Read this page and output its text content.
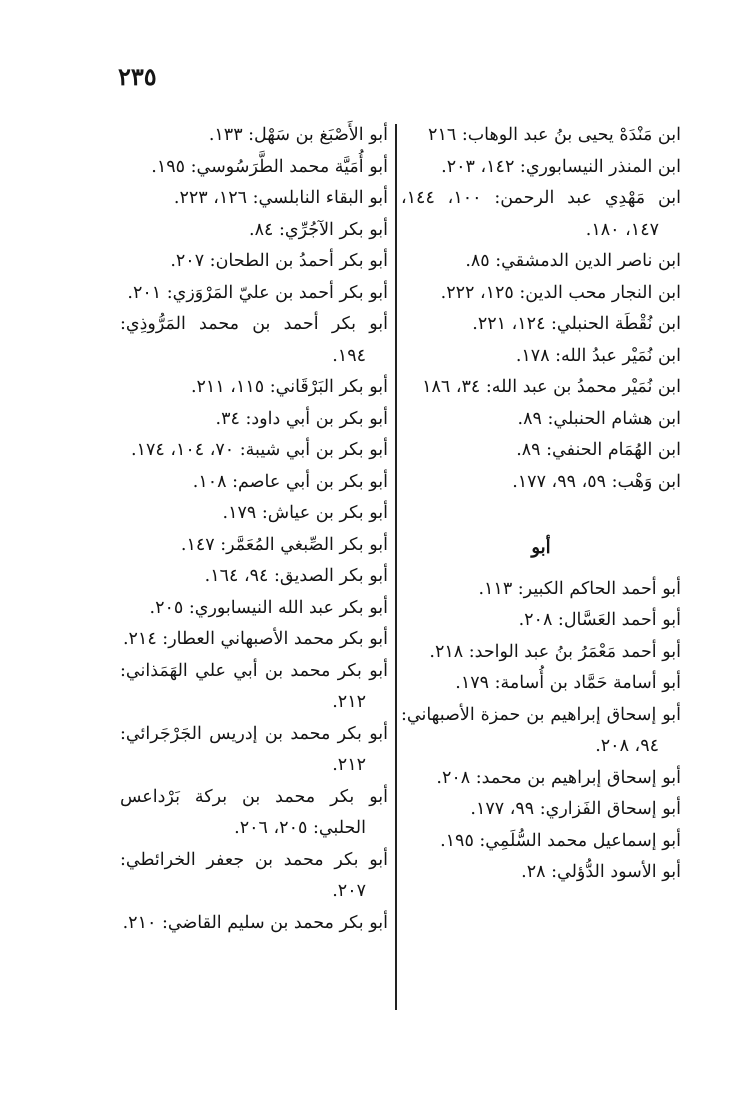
٢٣٥

ابن مَنْدَهْ يحيى بنُ عبد الوهاب: ٢١٦

ابن المنذر النيسابوري: ١٤٢، ٢٠٣.

ابن مَهْدِي عبد الرحمن: ١٠٠، ١٤٤، ١٤٧، ١٨٠.

ابن ناصر الدين الدمشقي: ٨٥.

ابن النجار محب الدين: ١٢٥، ٢٢٢.

ابن نُقْطَة الحنبلي: ١٢٤، ٢٢١.

ابن نُمَيْر عبدُ الله: ١٧٨.

ابن نُمَيْر محمدُ بن عبد الله: ٣٤، ١٨٦

ابن هشام الحنبلي: ٨٩.

ابن الهُمَام الحنفي: ٨٩.

ابن وَهْب: ٥٩، ٩٩، ١٧٧.

أبو

أبو أحمد الحاكم الكبير: ١١٣.

أبو أحمد العَسَّال: ٢٠٨.

أبو أحمد مَعْمَرُ بنُ عبد الواحد: ٢١٨.

أبو أسامة حَمَّاد بن أُسامة: ١٧٩.

أبو إسحاق إبراهيم بن حمزة الأصبهاني: ٩٤، ٢٠٨.

أبو إسحاق إبراهيم بن محمد: ٢٠٨.

أبو إسحاق الفَزاري: ٩٩، ١٧٧.

أبو إسماعيل محمد السُّلَمِي: ١٩٥.

أبو الأسود الدُّؤلي: ٢٨.

أبو الأَصْبَغ بن سَهْل: ١٣٣.

أبو أُمَيَّة محمد الطَّرَسُوسي: ١٩٥.

أبو البقاء النابلسي: ١٢٦، ٢٢٣.

أبو بكر الآجُرِّي: ٨٤.

أبو بكر أحمدُ بن الطحان: ٢٠٧.

أبو بكر أحمد بن عليّ المَرْوَزي: ٢٠١.

أبو بكر أحمد بن محمد المَرُّوذِي: ١٩٤.

أبو بكر البَرْقَاني: ١١٥، ٢١١.

أبو بكر بن أبي داود: ٣٤.

أبو بكر بن أبي شيبة: ٧٠، ١٠٤، ١٧٤.

أبو بكر بن أبي عاصم: ١٠٨.

أبو بكر بن عياش: ١٧٩.

أبو بكر الصِّبغي المُعَمَّر: ١٤٧.

أبو بكر الصديق: ٩٤، ١٦٤.

أبو بكر عبد الله النيسابوري: ٢٠٥.

أبو بكر محمد الأصبهاني العطار: ٢١٤.

أبو بكر محمد بن أبي علي الهَمَذاني: ٢١٢.

أبو بكر محمد بن إدريس الجَرْجَرائي: ٢١٢.

أبو بكر محمد بن بركة بَرْداعس الحلبي: ٢٠٥، ٢٠٦.

أبو بكر محمد بن جعفر الخرائطي: ٢٠٧.

أبو بكر محمد بن سليم القاضي: ٢١٠.
